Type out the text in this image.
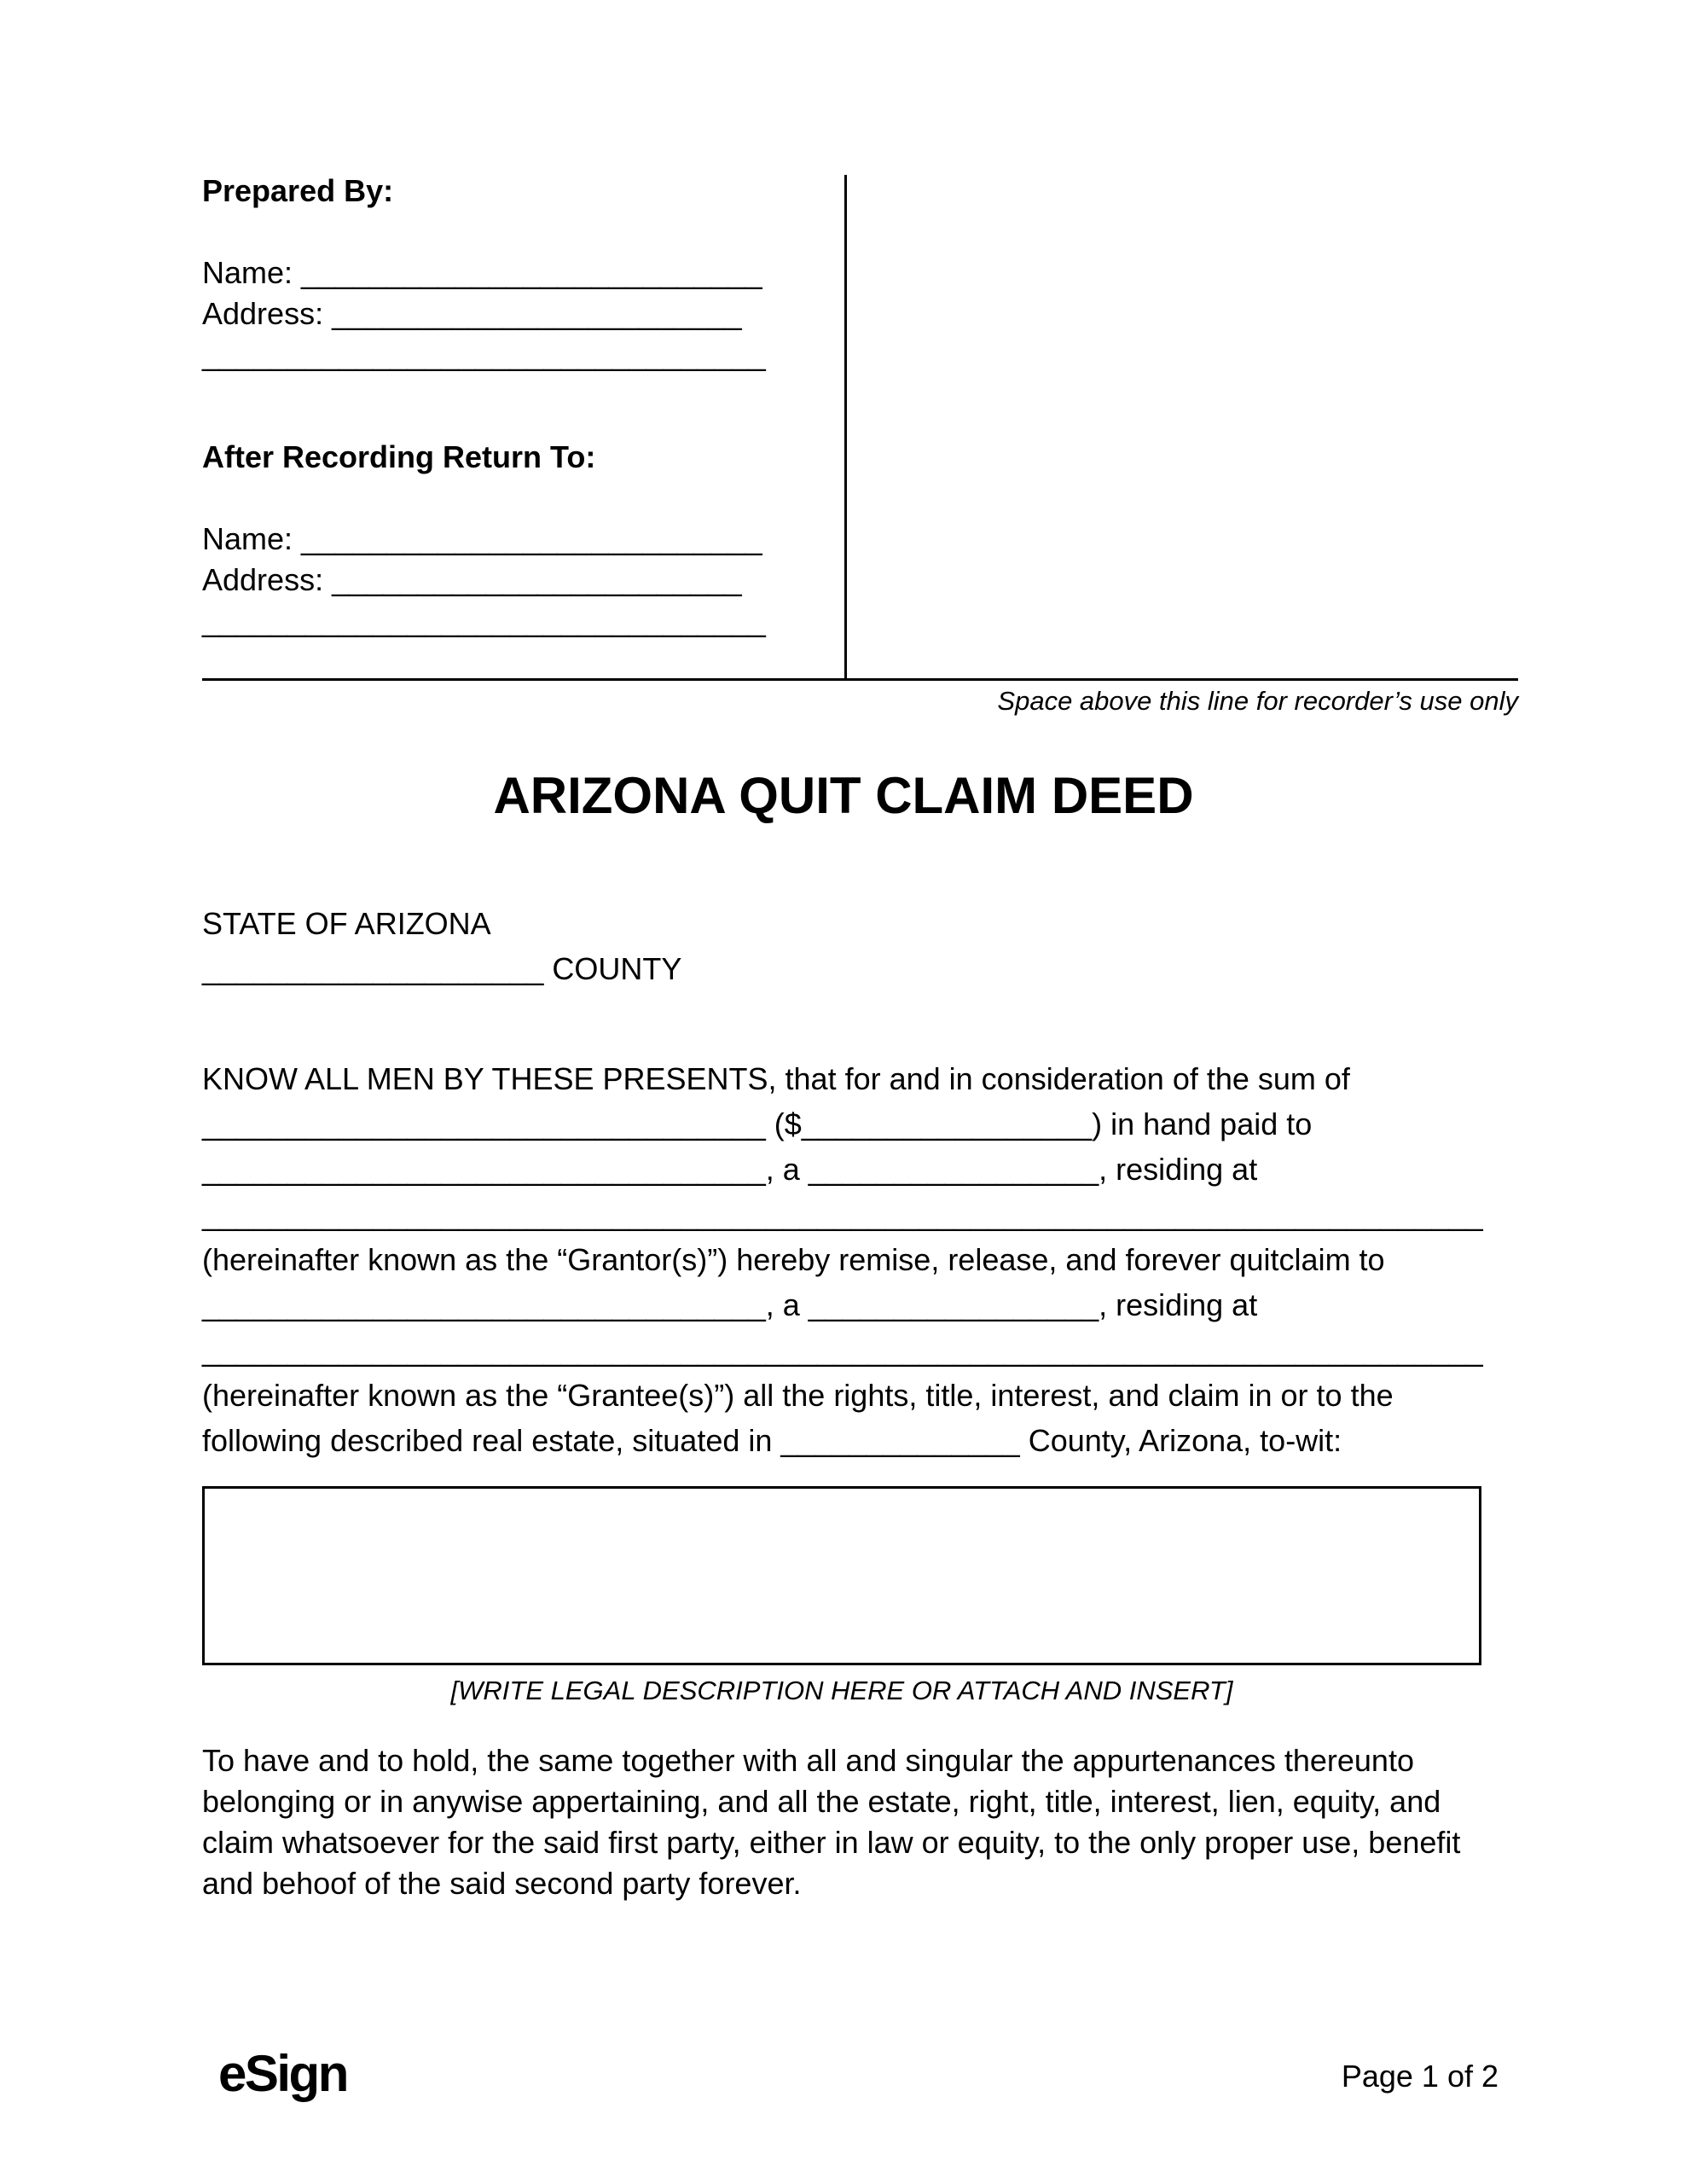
Prepared By:
Name: ___________________________
Address: ________________________
_________________________________
After Recording Return To:
Name: ___________________________
Address: ________________________
_________________________________
Space above this line for recorder’s use only
ARIZONA QUIT CLAIM DEED
STATE OF ARIZONA
____________________ COUNTY
KNOW ALL MEN BY THESE PRESENTS, that for and in consideration of the sum of
_________________________________ ($_________________) in hand paid to
_________________________________, a _________________, residing at
___________________________________________________________________________
(hereinafter known as the “Grantor(s)”) hereby remise, release, and forever quitclaim to
_________________________________, a _________________, residing at
___________________________________________________________________________
(hereinafter known as the “Grantee(s)”) all the rights, title, interest, and claim in or to the
following described real estate, situated in ______________ County, Arizona, to-wit:
[WRITE LEGAL DESCRIPTION HERE OR ATTACH AND INSERT]
To have and to hold, the same together with all and singular the appurtenances thereunto
belonging or in anywise appertaining, and all the estate, right, title, interest, lien, equity, and
claim whatsoever for the said first party, either in law or equity, to the only proper use, benefit
and behoof of the said second party forever.
eSign	Page 1 of 2
